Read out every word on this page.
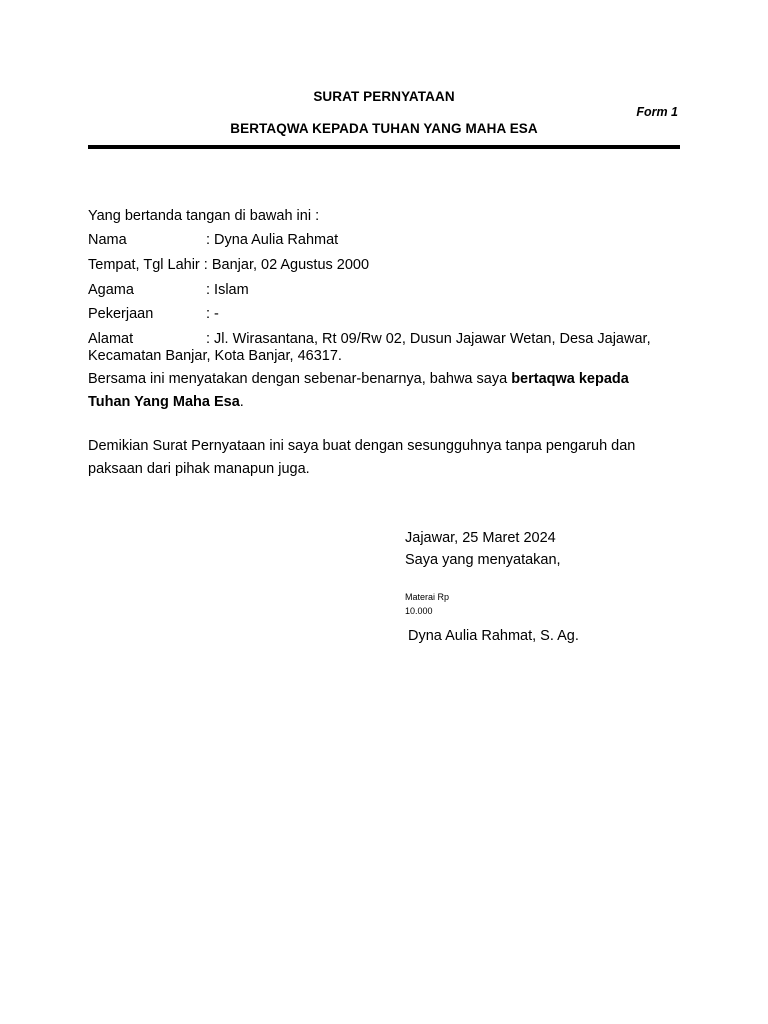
SURAT PERNYATAAN
Form 1
BERTAQWA KEPADA TUHAN YANG MAHA ESA
Yang bertanda tangan di bawah ini :
Nama	: Dyna Aulia Rahmat
Tempat, Tgl Lahir : Banjar, 02 Agustus 2000
Agama	: Islam
Pekerjaan	: -
Alamat	: Jl. Wirasantana, Rt 09/Rw 02, Dusun Jajawar Wetan, Desa Jajawar,
Kecamatan Banjar, Kota Banjar, 46317.
Bersama ini menyatakan dengan sebenar-benarnya, bahwa saya bertaqwa kepada
Tuhan Yang Maha Esa.
Demikian Surat Pernyataan ini saya buat dengan sesungguhnya tanpa pengaruh dan
paksaan dari pihak manapun juga.
Jajawar, 25 Maret 2024
Saya yang menyatakan,
Materai Rp
10.000
Dyna Aulia Rahmat, S. Ag.
